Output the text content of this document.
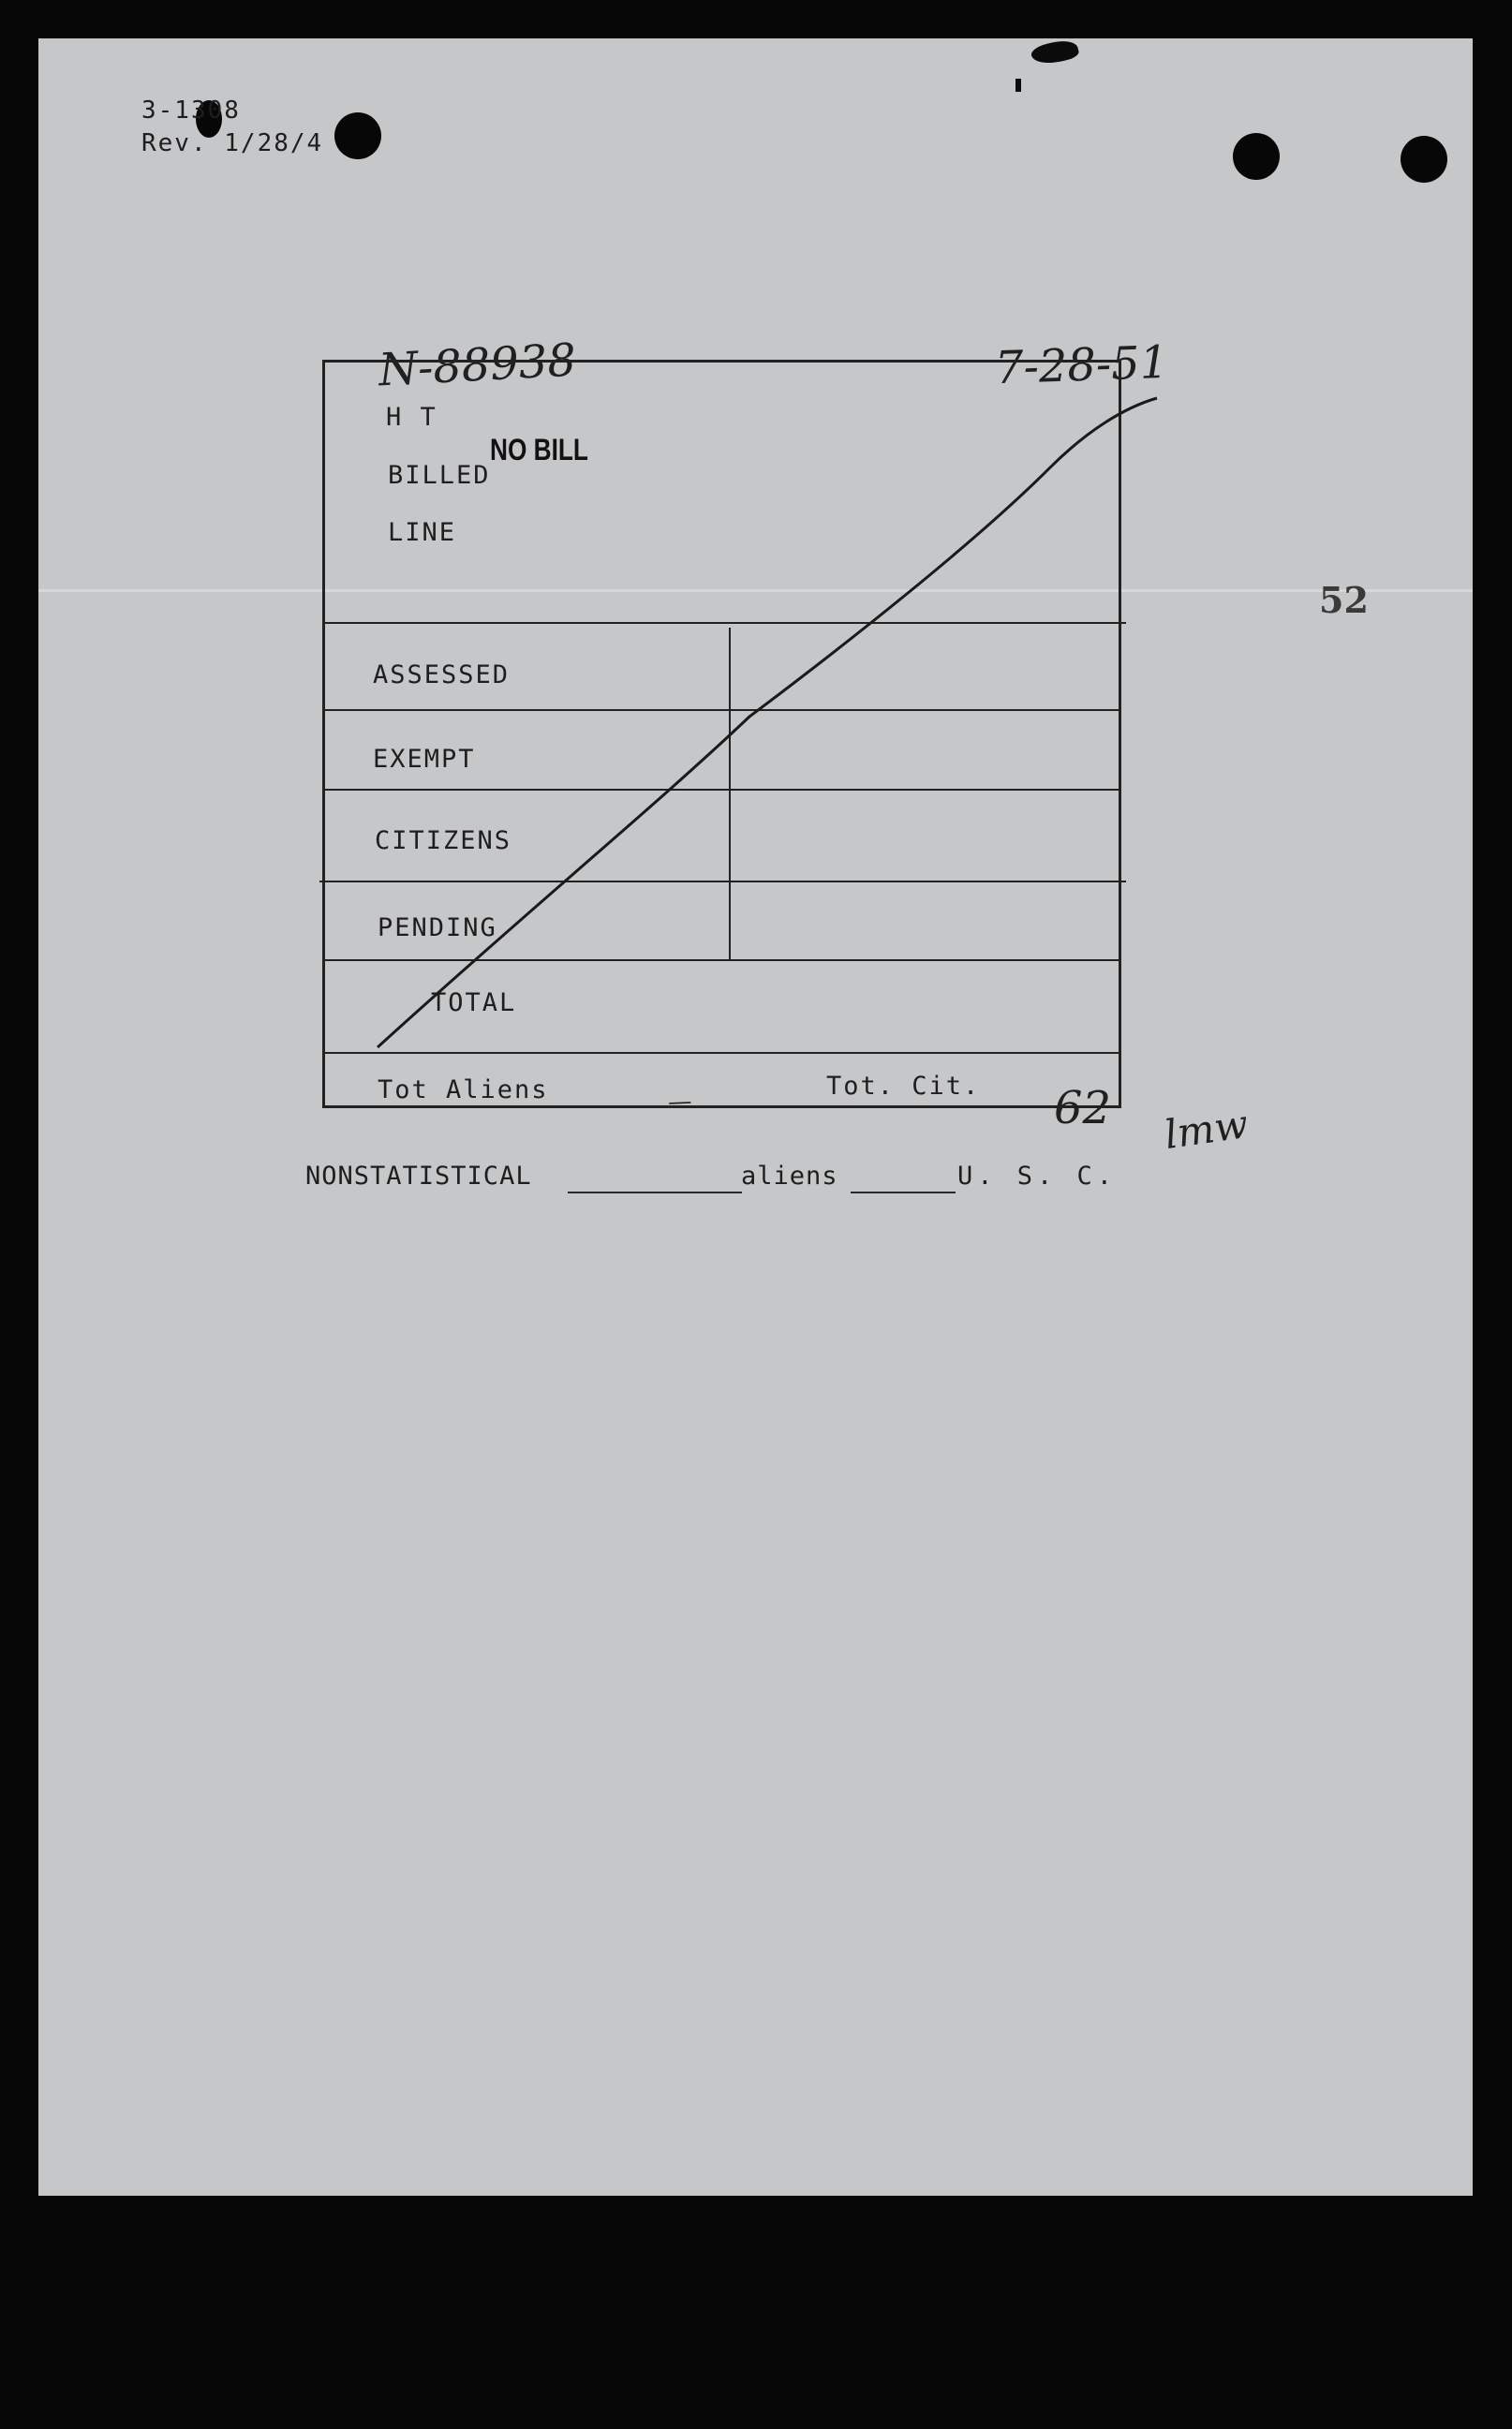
3-1308
Rev. 1/28/4
52
N-88938	7-28-51
NO BILL
H T
BILLED
LINE
ASSESSED
EXEMPT
CITIZENS
PENDING
TOTAL
Tot Aliens	—
Tot. Cit. 62 lmw
NONSTATISTICAL	aliens	U. S. C.
